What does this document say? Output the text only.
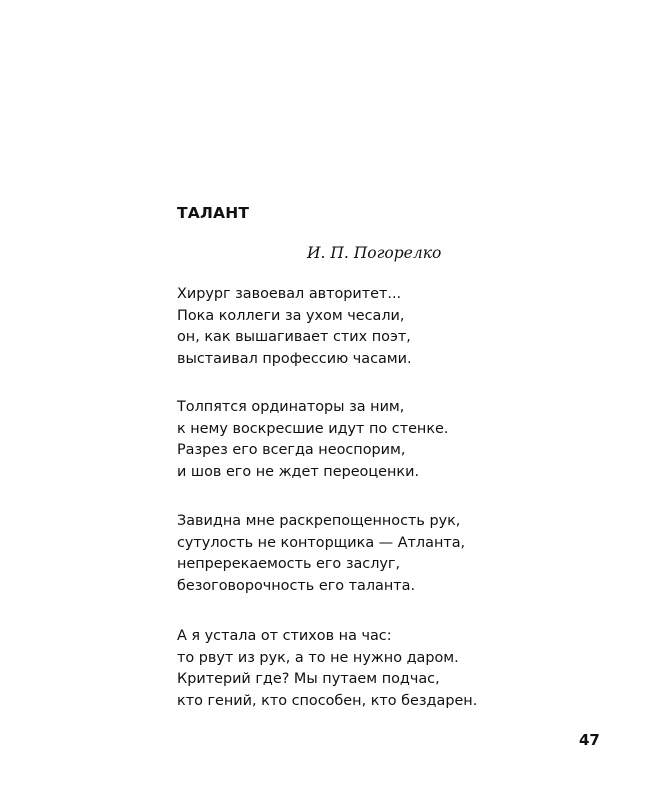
ТАЛАНТ

И. П. Погорелко

Хирург завоевал авторитет...
Пока коллеги за ухом чесали,
он, как вышагивает стих поэт,
выстаивал профессию часами.
Толпятся ординаторы за ним,
к нему воскресшие идут по стенке.
Разрез его всегда неоспорим,
и шов его не ждет переоценки.
Завидна мне раскрепощенность рук,
сутулость не конторщика — Атланта,
непререкаемость его заслуг,
безоговорочность его таланта.
А я устала от стихов на час:
то рвут из рук, а то не нужно даром.
Критерий где? Мы путаем подчас,
кто гений, кто способен, кто бездарен.

47
